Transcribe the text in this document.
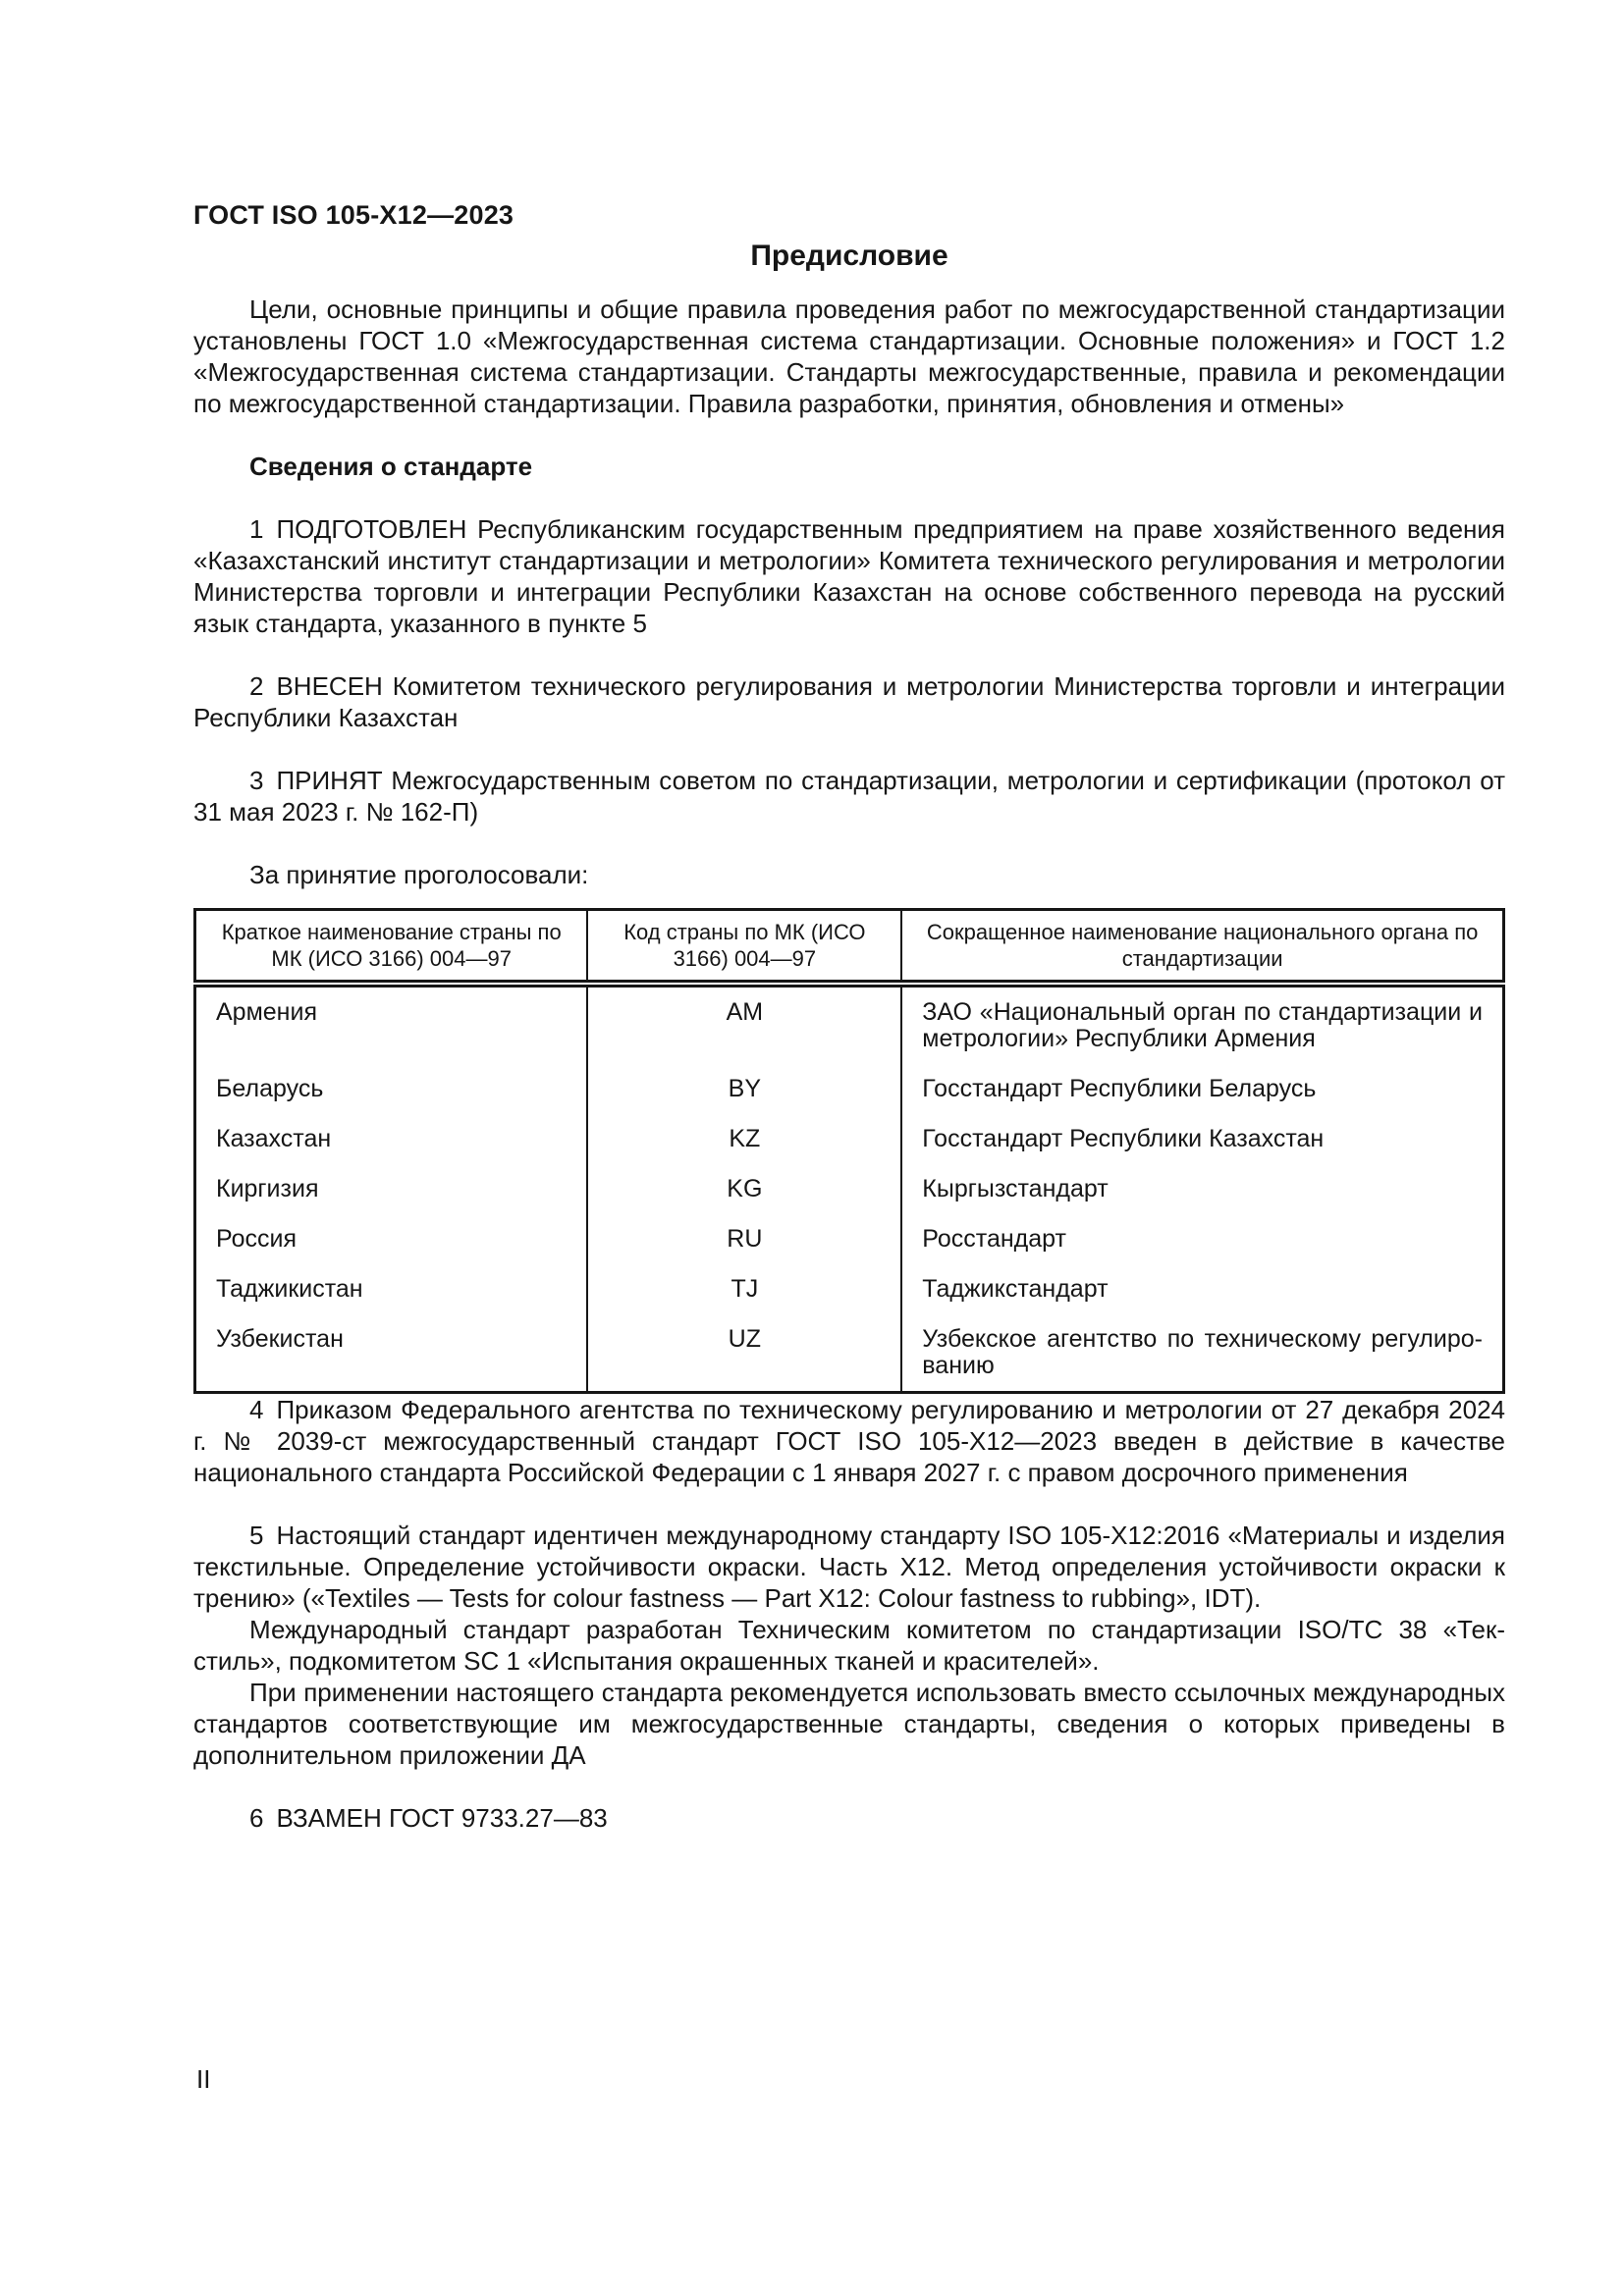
ГОСТ ISO 105-Х12—2023
Предисловие

Цели, основные принципы и общие правила проведения работ по межгосударственной стандартизации установлены ГОСТ 1.0 «Межгосударственная система стандартизации. Основные положения» и ГОСТ 1.2 «Межгосударственная система стандартизации. Стандарты межгосударственные, правила и рекомендации по межгосударственной стандартизации. Правила разработки, принятия, обновления и отмены»

Сведения о стандарте

1 ПОДГОТОВЛЕН Республиканским государственным предприятием на праве хозяйственного ведения «Казахстанский институт стандартизации и метрологии» Комитета технического регулирования и метрологии Министерства торговли и интеграции Республики Казахстан на основе собственного перевода на русский язык стандарта, указанного в пункте 5

2 ВНЕСЕН Комитетом технического регулирования и метрологии Министерства торговли и интеграции Республики Казахстан

3 ПРИНЯТ Межгосударственным советом по стандартизации, метрологии и сертификации (протокол от 31 мая 2023 г. № 162-П)

За принятие проголосовали:

Краткое наименование страны по МК (ИСО 3166) 004—97	Код страны по МК (ИСО 3166) 004—97	Сокращенное наименование национального органа по стандартизации
Армения	AM	ЗАО «Национальный орган по стандартизации и метрологии» Республики Армения
Беларусь	BY	Госстандарт Республики Беларусь
Казахстан	KZ	Госстандарт Республики Казахстан
Киргизия	KG	Кыргызстандарт
Россия	RU	Росстандарт
Таджикистан	TJ	Таджикстандарт
Узбекистан	UZ	Узбекское агентство по техническому регулированию

4 Приказом Федерального агентства по техническому регулированию и метрологии от 27 декабря 2024 г. № 2039-ст межгосударственный стандарт ГОСТ ISO 105-Х12—2023 введен в действие в качестве национального стандарта Российской Федерации с 1 января 2027 г. с правом досрочного применения

5 Настоящий стандарт идентичен международному стандарту ISO 105-X12:2016 «Материалы и изделия текстильные. Определение устойчивости окраски. Часть Х12. Метод определения устойчивости окраски к трению» («Textiles — Tests for colour fastness — Part X12: Colour fastness to rubbing», IDT).

Международный стандарт разработан Техническим комитетом по стандартизации ISO/TC 38 «Текстиль», подкомитетом SC 1 «Испытания окрашенных тканей и красителей».

При применении настоящего стандарта рекомендуется использовать вместо ссылочных международных стандартов соответствующие им межгосударственные стандарты, сведения о которых приведены в дополнительном приложении ДА

6 ВЗАМЕН ГОСТ 9733.27—83

II
